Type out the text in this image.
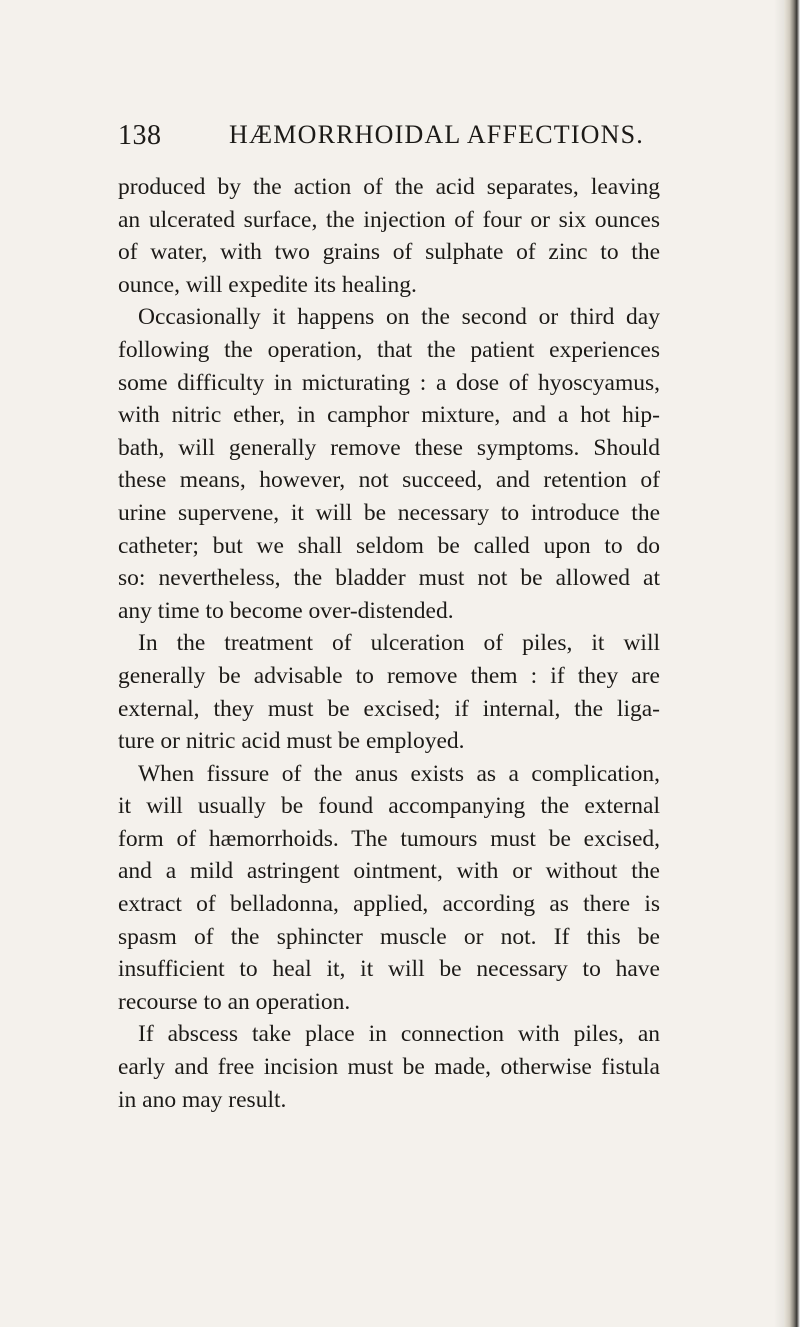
138	HÆMORRHOIDAL AFFECTIONS.
produced by the action of the acid separates, leaving
an ulcerated surface, the injection of four or six ounces
of water, with two grains of sulphate of zinc to the
ounce, will expedite its healing.
Occasionally it happens on the second or third day
following the operation, that the patient experiences
some difficulty in micturating : a dose of hyoscyamus,
with nitric ether, in camphor mixture, and a hot hip-
bath, will generally remove these symptoms. Should
these means, however, not succeed, and retention of
urine supervene, it will be necessary to introduce the
catheter; but we shall seldom be called upon to do
so: nevertheless, the bladder must not be allowed at
any time to become over-distended.
In the treatment of ulceration of piles, it will
generally be advisable to remove them : if they are
external, they must be excised; if internal, the liga-
ture or nitric acid must be employed.
When fissure of the anus exists as a complication,
it will usually be found accompanying the external
form of hæmorrhoids. The tumours must be excised,
and a mild astringent ointment, with or without the
extract of belladonna, applied, according as there is
spasm of the sphincter muscle or not. If this be
insufficient to heal it, it will be necessary to have
recourse to an operation.
If abscess take place in connection with piles, an
early and free incision must be made, otherwise fistula
in ano may result.
